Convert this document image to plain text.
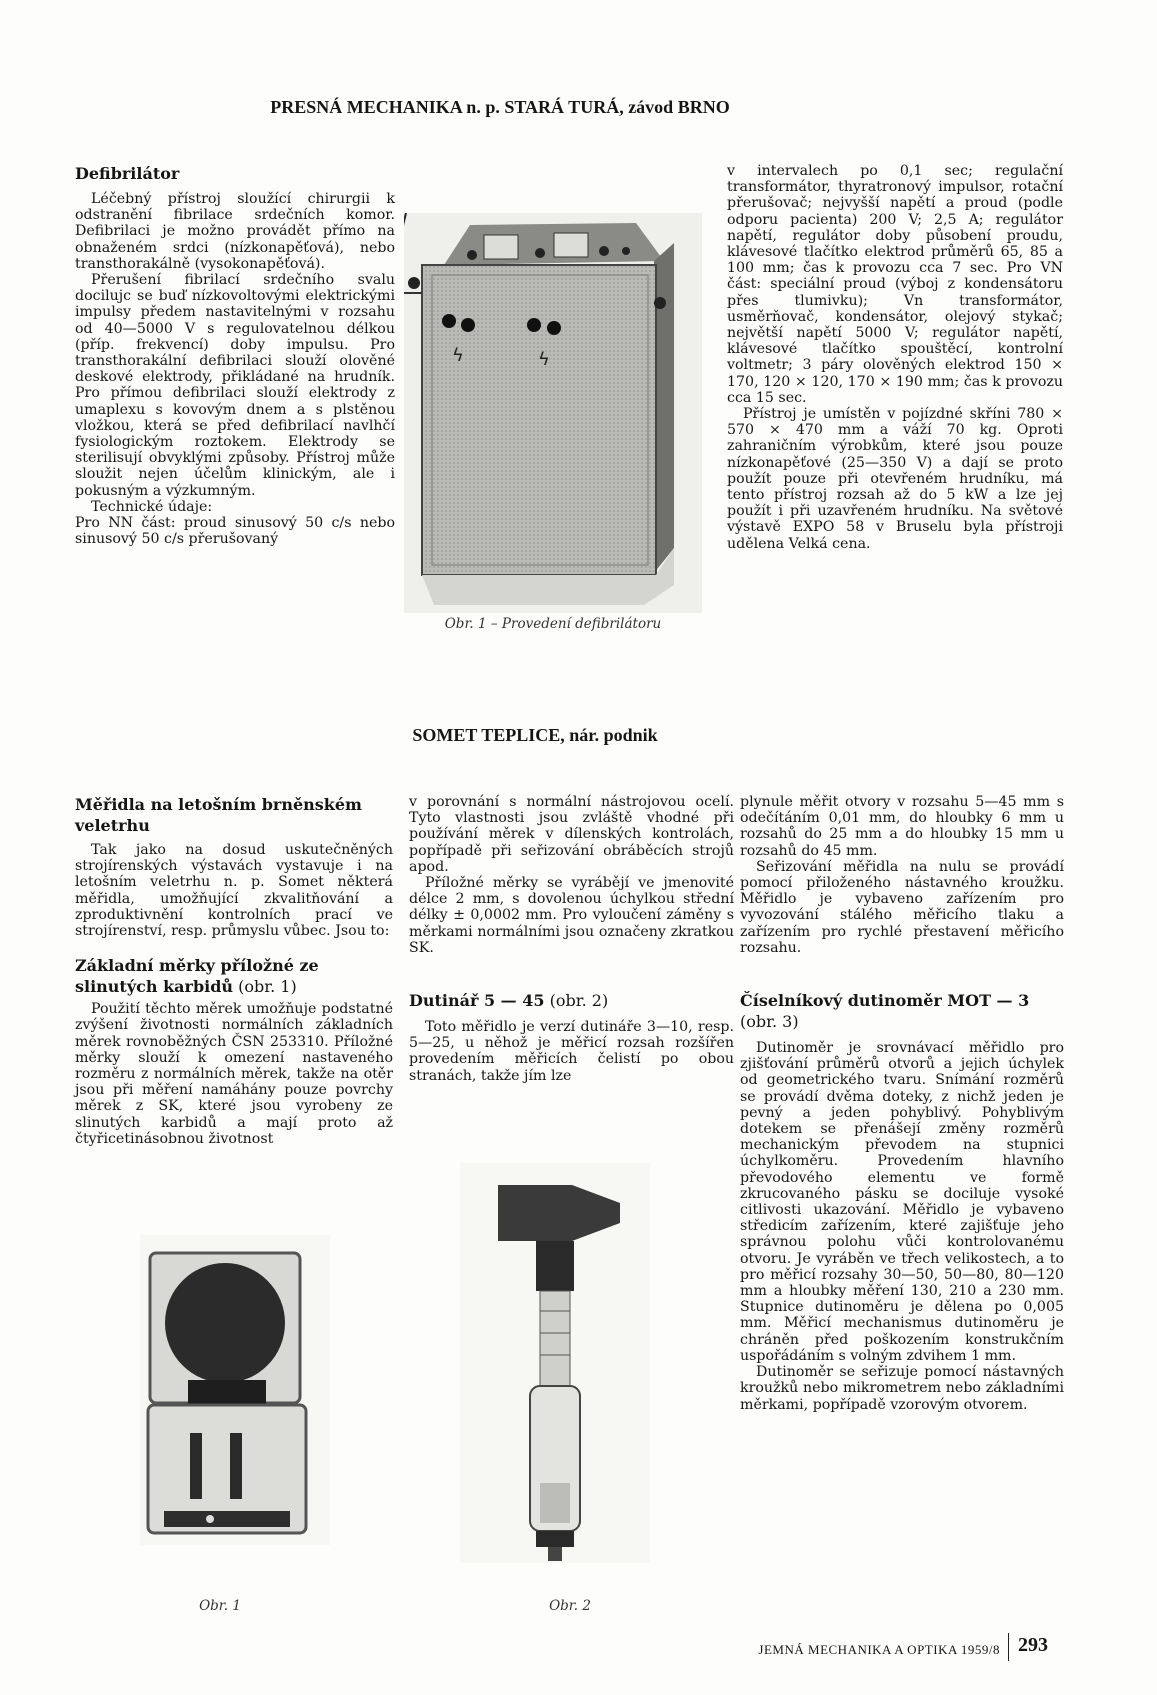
PRESNÁ MECHANIKA n. p. STARÁ TURÁ, závod BRNO
Defibrilátor

Léčebný přístroj sloužící chirurgii k odstranění fibrilace srdečních komor. Defibrilaci je možno provádět přímo na obnaženém srdci (nízkonapěťová), nebo transthorakálně (vysokonapěťová).

Přerušení fibrilací srdečního svalu docilujc se buď nízkovoltovými elektrickými impulsy předem nastavitelnými v rozsahu od 40—5000 V s regulovatelnou délkou (příp. frekvencí) doby impulsu. Pro transthorakální defibrilaci slouží olověné deskové elektrody, přikládané na hrudník. Pro přímou defibrilaci slouží elektrody z umaplexu s kovovým dnem a s plstěnou vložkou, která se před defibrilací navlhčí fysiologickým roztokem. Elektrody se sterilisují obvyklými způsoby. Přístroj může sloužit nejen účelům klinickým, ale i pokusným a výzkumným.

Technické údaje:

Pro NN část: proud sinusový 50 c/s nebo sinusový 50 c/s přerušovaný

ϟ	ϟ
Obr. 1 – Provedení defibrilátoru

v intervalech po 0,1 sec; regulační transformátor, thyratronový impulsor, rotační přerušovač; nejvyšší napětí a proud (podle odporu pacienta) 200 V; 2,5 A; regulátor napětí, regulátor doby působení proudu, klávesové tlačítko elektrod průměrů 65, 85 a 100 mm; čas k provozu cca 7 sec. Pro VN část: speciální proud (výboj z kondensátoru přes tlumivku); Vn transformátor, usměrňovač, kondensátor, olejový stykač; největší napětí 5000 V; regulátor napětí, klávesové tlačítko spouštěcí, kontrolní voltmetr; 3 páry olověných elektrod 150 × 170, 120 × 120, 170 × 190 mm; čas k provozu cca 15 sec.

Přístroj je umístěn v pojízdné skříni 780 × 570 × 470 mm a váží 70 kg. Oproti zahraničním výrobkům, které jsou pouze nízkonapěťové (25—350 V) a dají se proto použít pouze při otevřeném hrudníku, má tento přístroj rozsah až do 5 kW a lze jej použít i při uzavřeném hrudníku. Na světové výstavě EXPO 58 v Bruselu byla přístroji udělena Velká cena.

SOMET TEPLICE, nár. podnik
Měřidla na letošním brněnském veletrhu

Tak jako na dosud uskutečněných strojírenských výstavách vystavuje i na letošním veletrhu n. p. Somet některá měřidla, umožňující zkvalitňování a zproduktivnění kontrolních prací ve strojírenství, resp. průmyslu vůbec. Jsou to:

Základní měrky příložné ze slinutých karbidů (obr. 1)

Použití těchto měrek umožňuje podstatné zvýšení životnosti normálních základních měrek rovnoběžných ČSN 253310. Příložné měrky slouží k omezení nastaveného rozměru z normálních měrek, takže na otěr jsou při měření namáhány pouze povrchy měrek z SK, které jsou vyrobeny ze slinutých karbidů a mají proto až čtyřicetinásobnou životnost

Obr. 1

v porovnání s normální nástrojovou ocelí. Tyto vlastnosti jsou zvláště vhodné při používání měrek v dílenských kontrolách, popřípadě při seřizování obráběcích strojů apod.

Příložné měrky se vyrábějí ve jmenovité délce 2 mm, s dovolenou úchylkou střední délky ± 0,0002 mm. Pro vyloučení záměny s měrkami normálními jsou označeny zkratkou SK.

Dutinář 5 — 45 (obr. 2)

Toto měřidlo je verzí dutináře 3—10, resp. 5—25, u něhož je měřicí rozsah rozšířen provedením měřicích čelistí po obou stranách, takže jím lze

Obr. 2

plynule měřit otvory v rozsahu 5—45 mm s odečítáním 0,01 mm, do hloubky 6 mm u rozsahů do 25 mm a do hloubky 15 mm u rozsahů do 45 mm.

Seřizování měřidla na nulu se provádí pomocí přiloženého nástavného kroužku. Měřidlo je vybaveno zařízením pro vyvozování stálého měřicího tlaku a zařízením pro rychlé přestavení měřicího rozsahu.

Číselníkový dutinoměr MOT — 3
(obr. 3)

Dutinoměr je srovnávací měřidlo pro zjišťování průměrů otvorů a jejich úchylek od geometrického tvaru. Snímání rozměrů se provádí dvěma doteky, z nichž jeden je pevný a jeden pohyblivý. Pohyblivým dotekem se přenášejí změny rozměrů mechanickým převodem na stupnici úchylkoměru. Provedením hlavního převodového elementu ve formě zkrucovaného pásku se dociluje vysoké citlivosti ukazování. Měřidlo je vybaveno středicím zařízením, které zajišťuje jeho správnou polohu vůči kontrolovanému otvoru. Je vyráběn ve třech velikostech, a to pro měřicí rozsahy 30—50, 50—80, 80—120 mm a hloubky měření 130, 210 a 230 mm. Stupnice dutinoměru je dělena po 0,005 mm. Měřicí mechanismus dutinoměru je chráněn před poškozením konstrukčním uspořádáním s volným zdvihem 1 mm.

Dutinoměr se seřizuje pomocí nástavných kroužků nebo mikrometrem nebo základními měrkami, popřípadě vzorovým otvorem.

JEMNÁ MECHANIKA A OPTIKA 1959/8 293
